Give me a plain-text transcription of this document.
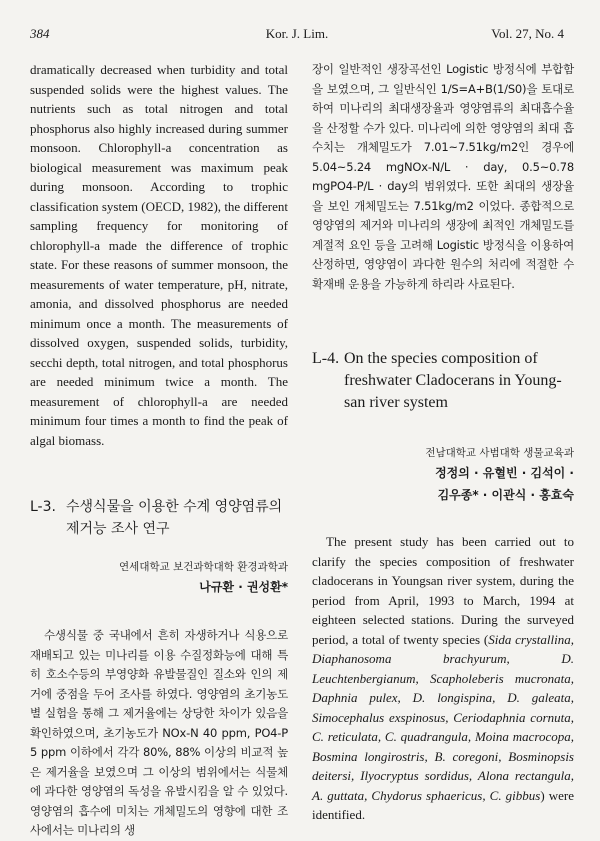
384	Kor. J. Lim.	Vol. 27, No. 4

dramatically decreased when turbidity and total suspended solids were the highest values. The nutrients such as total nitrogen and total phosphorus also highly increased during summer monsoon. Chlorophyll-a concentration as biological measurement was maximum peak during monsoon. According to trophic classification system (OECD, 1982), the different sampling frequency for monitoring of chlorophyll-a made the difference of trophic state. For these reasons of summer monsoon, the measurements of water temperature, pH, nitrate, amonia, and dissolved phosphorus are needed minimum once a month. The measurements of dissolved oxygen, suspended solids, turbidity, secchi depth, total nitrogen, and total phosphorus are needed minimum twice a month. The measurement of chlorophyll-a are needed minimum four times a month to find the peak of algal biomass.

L-3. 수생식물을 이용한 수계 영양염류의
제거능 조사 연구
연세대학교 보건과학대학 환경과학과
나규환 · 권성환*

수생식물 중 국내에서 흔히 자생하거나 식용으로 재배되고 있는 미나리를 이용 수질정화능에 대해 특히 호소수등의 부영양화 유발물질인 질소와 인의 제거에 중점을 두어 조사를 하였다. 영양염의 초기농도별 실험을 통해 그 제거율에는 상당한 차이가 있음을 확인하였으며, 초기농도가 NOx-N 40 ppm, PO4-P 5 ppm 이하에서 각각 80%, 88% 이상의 비교적 높은 제거율을 보였으며 그 이상의 범위에서는 식물체에 과다한 영양염의 독성을 유발시킴을 알 수 있었다. 영양염의 흡수에 미치는 개체밀도의 영향에 대한 조사에서는 미나리의 생

장이 일반적인 생장곡선인 Logistic 방정식에 부합함을 보였으며, 그 일반식인 1/S=A+B(1/S0)을 토대로 하여 미나리의 최대생장율과 영양염류의 최대흡수율을 산정할 수가 있다. 미나리에 의한 영양염의 최대 흡수치는 개체밀도가 7.01~7.51kg/m2인 경우에 5.04~5.24 mgNOx-N/L · day, 0.5~0.78 mgPO4-P/L · day의 범위였다. 또한 최대의 생장율을 보인 개체밀도는 7.51kg/m2 이었다. 종합적으로 영양염의 제거와 미나리의 생장에 최적인 개체밀도를 계절적 요인 등을 고려해 Logistic 방정식을 이용하여 산정하면, 영양염이 과다한 원수의 처리에 적절한 수확재배 운용을 가능하게 하리라 사료된다.

L-4. On the species composition of
freshwater Cladocerans in Young-
san river system
전남대학교 사범대학 생물교육과
정정의 · 유혈빈 · 김석이 ·
김우종* · 이관식 · 홍효숙

The present study has been carried out to clarify the species composition of freshwater cladocerans in Youngsan river system, during the period from April, 1993 to March, 1994 at eighteen selected stations. During the surveyed period, a total of twenty species (Sida crystallina, Diaphanosoma brachyurum, D. Leuchtenbergianum, Scapholeberis mucronata, Daphnia pulex, D. longispina, D. galeata, Simocephalus exspinosus, Ceriodaphnia cornuta, C. reticulata, C. quadrangula, Moina macrocopa, Bosmina longirostris, B. coregoni, Bosminopsis deitersi, Ilyocryptus sordidus, Alona rectangula, A. guttata, Chydorus sphaericus, C. gibbus) were identified.
